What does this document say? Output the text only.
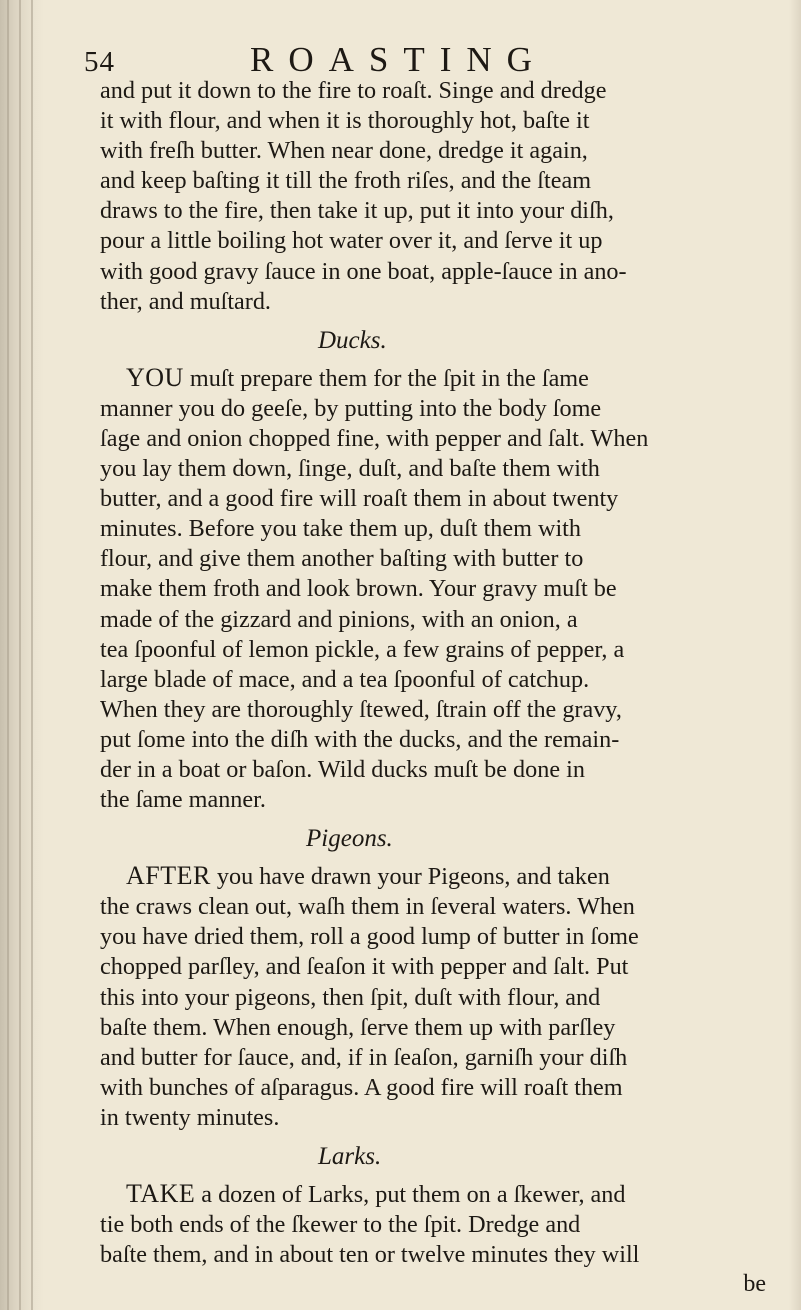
54	ROASTING

and put it down to the fire to roaſt. Singe and dredge
it with flour, and when it is thoroughly hot, baſte it
with freſh butter. When near done, dredge it again,
and keep baſting it till the froth riſes, and the ſteam
draws to the fire, then take it up, put it into your diſh,
pour a little boiling hot water over it, and ſerve it up
with good gravy ſauce in one boat, apple-ſauce in ano-
ther, and muſtard.

Ducks.

YOU muſt prepare them for the ſpit in the ſame
manner you do geeſe, by putting into the body ſome
ſage and onion chopped fine, with pepper and ſalt. When
you lay them down, ſinge, duſt, and baſte them with
butter, and a good fire will roaſt them in about twenty
minutes. Before you take them up, duſt them with
flour, and give them another baſting with butter to
make them froth and look brown. Your gravy muſt be
made of the gizzard and pinions, with an onion, a
tea ſpoonful of lemon pickle, a few grains of pepper, a
large blade of mace, and a tea ſpoonful of catchup.
When they are thoroughly ſtewed, ſtrain off the gravy,
put ſome into the diſh with the ducks, and the remain-
der in a boat or baſon. Wild ducks muſt be done in
the ſame manner.

Pigeons.

AFTER you have drawn your Pigeons, and taken
the craws clean out, waſh them in ſeveral waters. When
you have dried them, roll a good lump of butter in ſome
chopped parſley, and ſeaſon it with pepper and ſalt. Put
this into your pigeons, then ſpit, duſt with flour, and
baſte them. When enough, ſerve them up with parſley
and butter for ſauce, and, if in ſeaſon, garniſh your diſh
with bunches of aſparagus. A good fire will roaſt them
in twenty minutes.

Larks.

TAKE a dozen of Larks, put them on a ſkewer, and
tie both ends of the ſkewer to the ſpit. Dredge and
baſte them, and in about ten or twelve minutes they will

be
